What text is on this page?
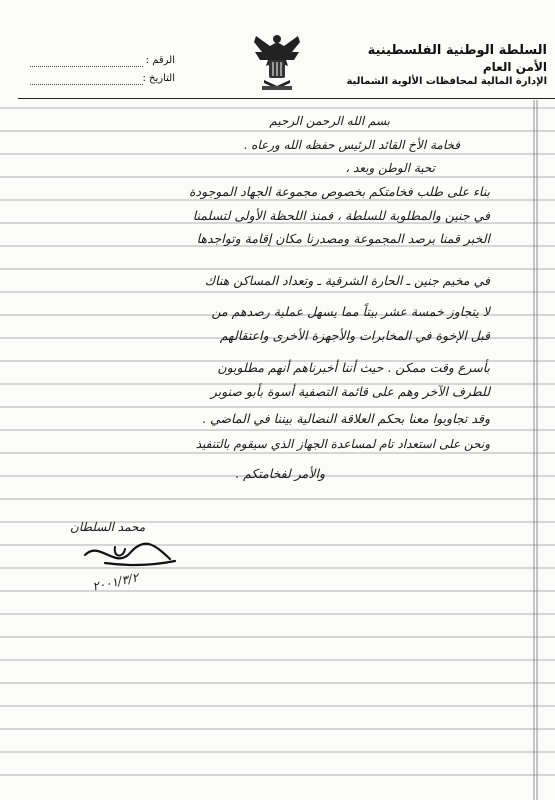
السلطة الوطنية الفلسطينية
الأمن العام
الإدارة المالية لمحافظات الألوية الشمالية
الرقم :
التاريخ :
بسم الله الرحمن الرحيم
فخامة الأخ القائد الرئيس حفظه الله ورعاه .
تحية الوطن وبعد ،
بناء على طلب فخامتكم بخصوص مجموعة الجهاد الموجودة
في جنين والمطلوبة للسلطة ، فمنذ اللحظة الأولى لتسلمنا
الخبر قمنا برصد المجموعة ومصدرنا مكان إقامة وتواجدها
في مخيم جنين ـ الحارة الشرقية ـ وتعداد المساكن هناك
لا يتجاوز خمسة عشر بيتاً مما يسهل عملية رصدهم من
قبل الإخوة في المخابرات والأجهزة الأخرى واعتقالهم
بأسرع وقت ممكن . حيث أننا أخبرناهم أنهم مطلوبون
للطرف الآخر وهم على قائمة التصفية أسوة بأبو صنوبر
وقد تجاوبوا معنا بحكم العلاقة النضالية بيننا في الماضي .
ونحن على استعداد تام لمساعدة الجهاز الذي سيقوم بالتنفيذ
والأمر لفخامتكم .
محمد السلطان
٢٠٠١/٣/٢
